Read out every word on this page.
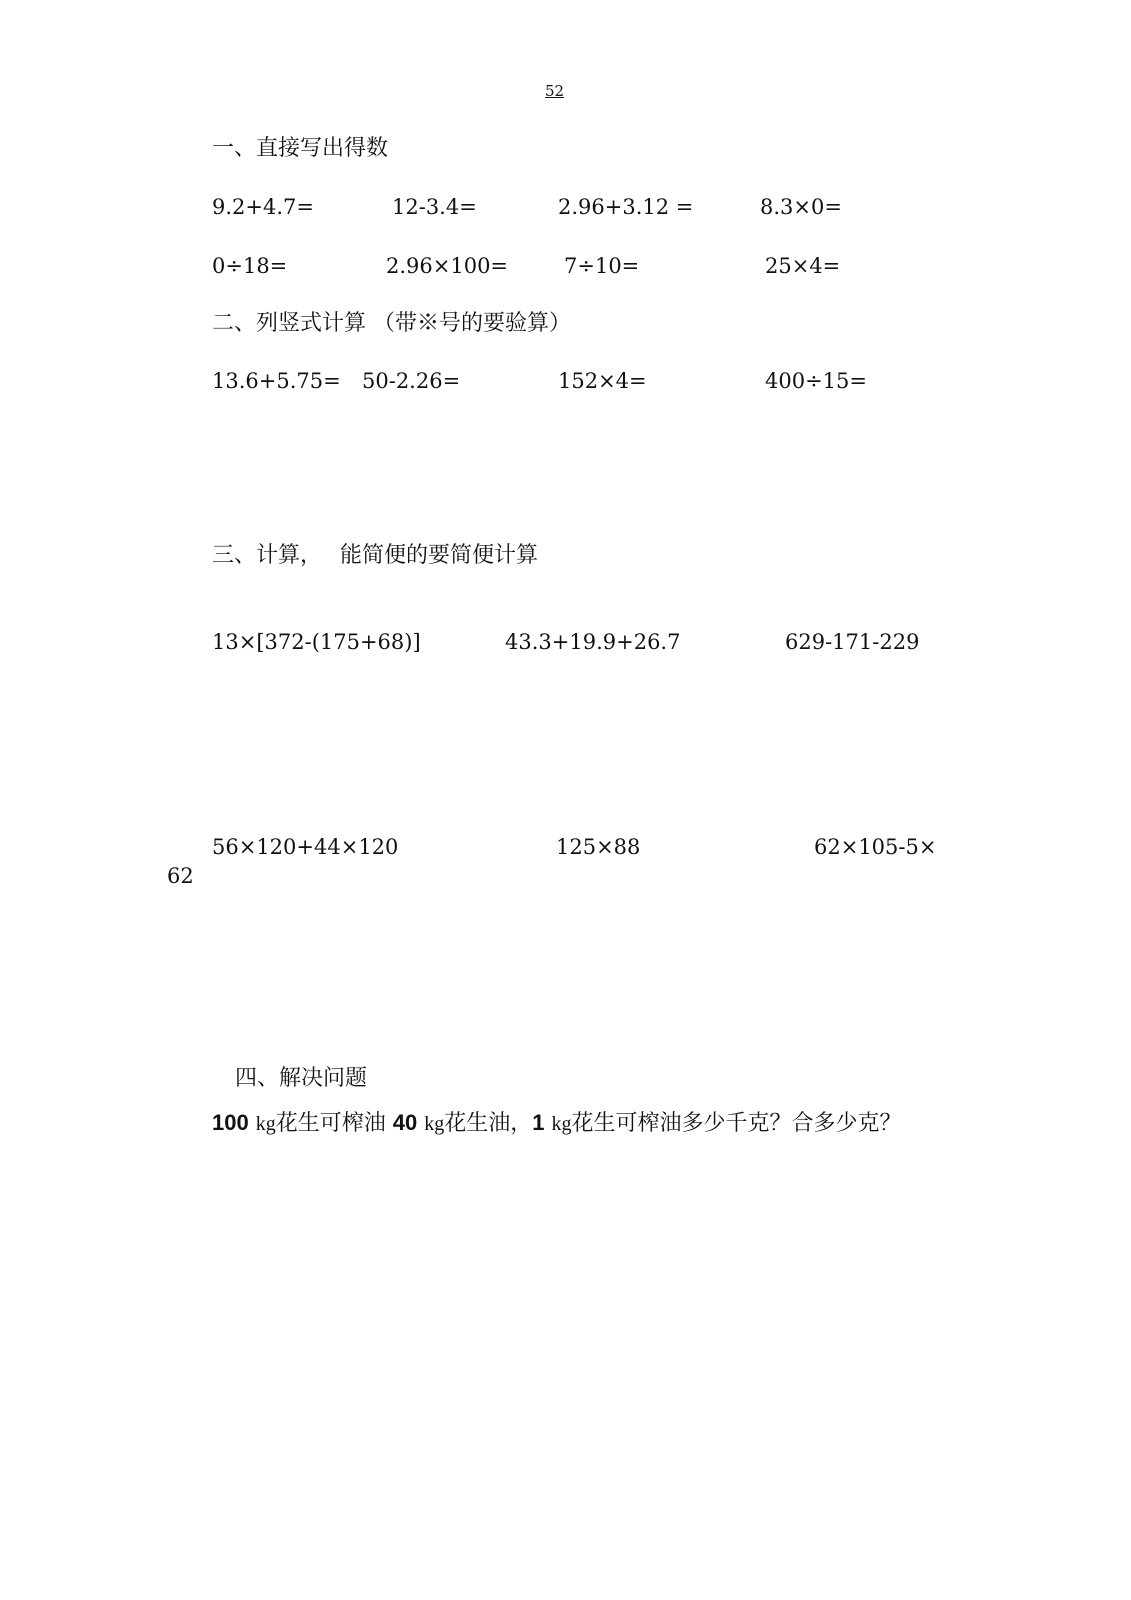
52
一、直接写出得数
9.2+4.7=	12-3.4=	2.96+3.12 =	8.3×0=
0÷18=	2.96×100=	7÷10=	25×4=
二、列竖式计算 （带※号的要验算）
13.6+5.75= 50-2.26=	152×4=	400÷15=
三、计算，　 能简便的要简便计算
13×[372-(175+68)]	43.3+19.9+26.7	629-171-229
56×120+44×120	125×88	62×105-5×
62
四、解决问题
100 kg花生可榨油 40 kg花生油，1 kg花生可榨油多少千克？合多少克？
